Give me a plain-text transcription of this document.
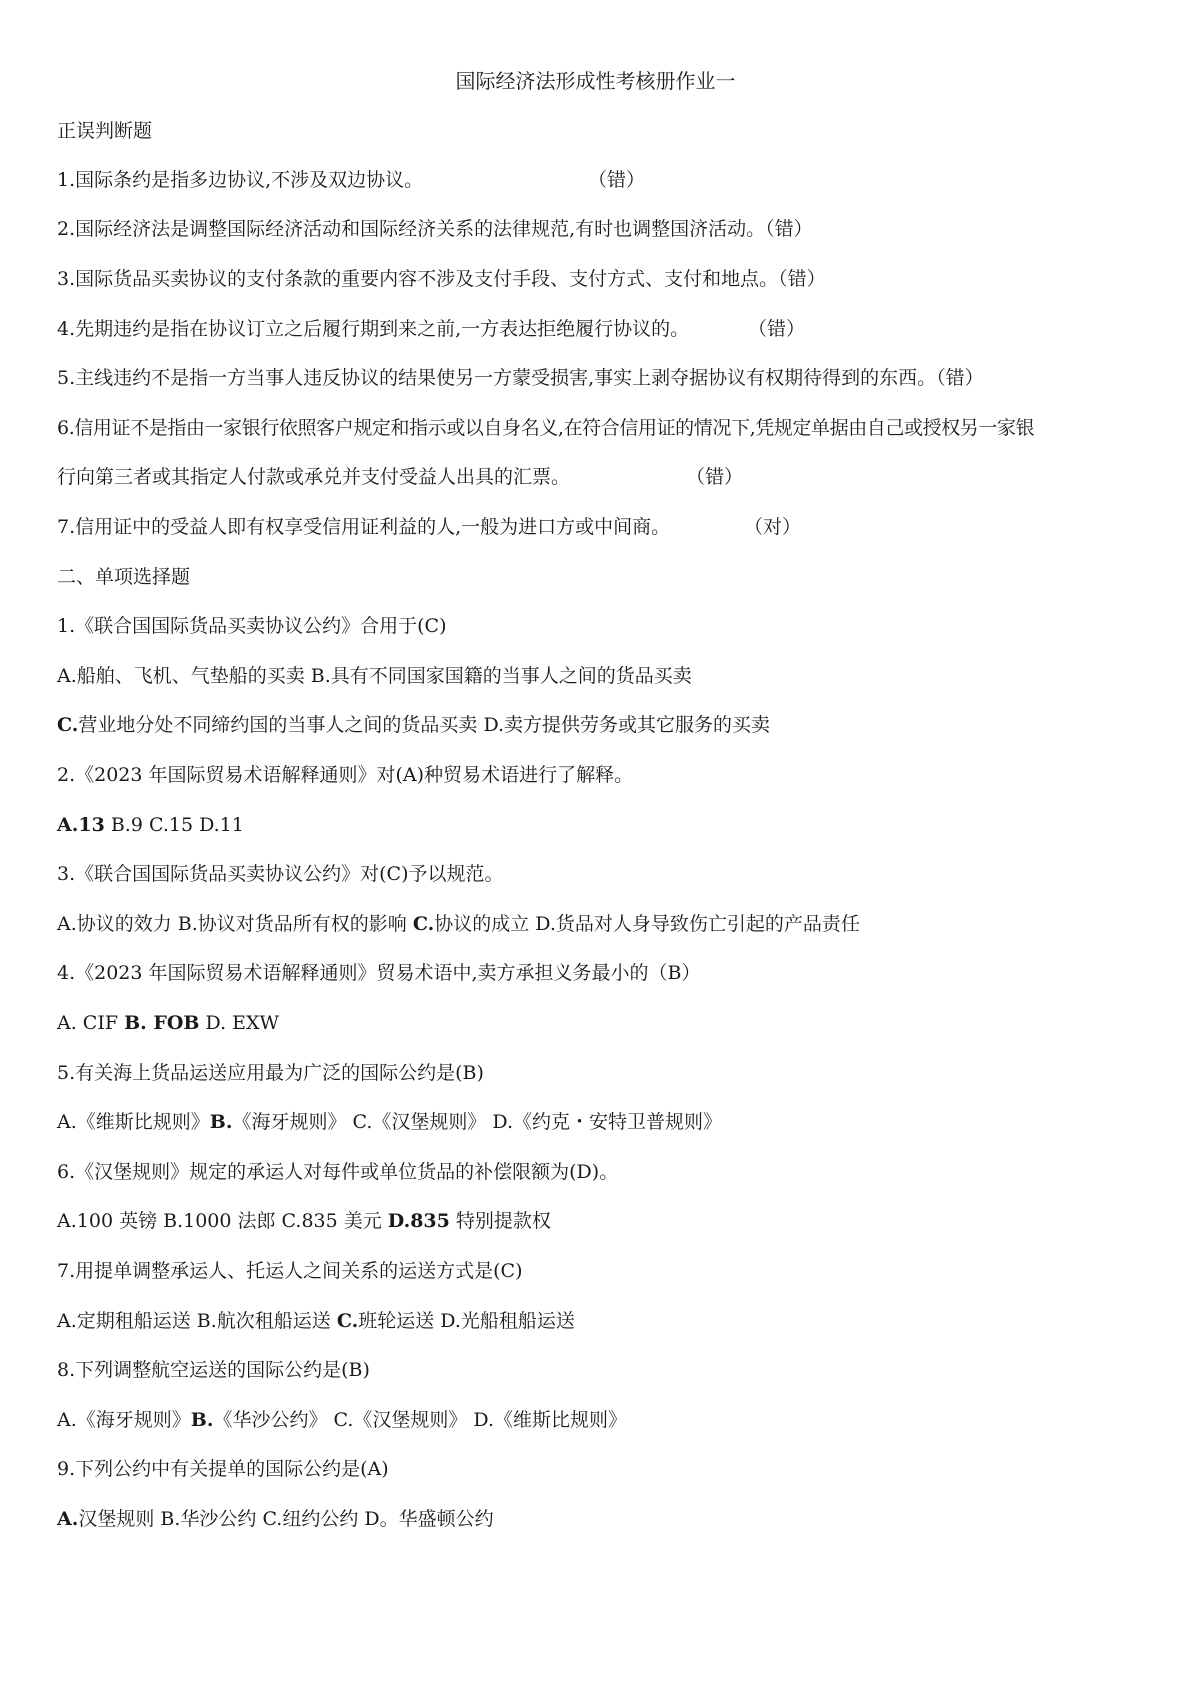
国际经济法形成性考核册作业一
正误判断题
1.国际条约是指多边协议,不涉及双边协议。	（错）
2.国际经济法是调整国际经济活动和国际经济关系的法律规范,有时也调整国济活动。（错）
3.国际货品买卖协议的支付条款的重要内容不涉及支付手段、支付方式、支付和地点。（错）
4.先期违约是指在协议订立之后履行期到来之前,一方表达拒绝履行协议的。	（错）
5.主线违约不是指一方当事人违反协议的结果使另一方蒙受损害,事实上剥夺据协议有权期待得到的东西。（错）
6.信用证不是指由一家银行依照客户规定和指示或以自身名义,在符合信用证的情况下,凭规定单据由自己或授权另一家银
行向第三者或其指定人付款或承兑并支付受益人出具的汇票。	（错）
7.信用证中的受益人即有权享受信用证利益的人,一般为进口方或中间商。	（对）
二、单项选择题
1.《联合国国际货品买卖协议公约》合用于(C)
A.船舶、飞机、气垫船的买卖 B.具有不同国家国籍的当事人之间的货品买卖
C.营业地分处不同缔约国的当事人之间的货品买卖 D.卖方提供劳务或其它服务的买卖
2.《2023 年国际贸易术语解释通则》对(A)种贸易术语进行了解释。
A.13 B.9 C.15 D.11
3.《联合国国际货品买卖协议公约》对(C)予以规范。
A.协议的效力 B.协议对货品所有权的影响 C.协议的成立 D.货品对人身导致伤亡引起的产品责任
4.《2023 年国际贸易术语解释通则》贸易术语中,卖方承担义务最小的（B）
A. CIF B. FOB D. EXW
5.有关海上货品运送应用最为广泛的国际公约是(B)
A.《维斯比规则》B.《海牙规则》 C.《汉堡规则》 D.《约克・安特卫普规则》
6.《汉堡规则》规定的承运人对每件或单位货品的补偿限额为(D)。
A.100 英镑 B.1000 法郎 C.835 美元 D.835 特别提款权
7.用提单调整承运人、托运人之间关系的运送方式是(C)
A.定期租船运送 B.航次租船运送 C.班轮运送 D.光船租船运送
8.下列调整航空运送的国际公约是(B)
A.《海牙规则》B.《华沙公约》 C.《汉堡规则》 D.《维斯比规则》
9.下列公约中有关提单的国际公约是(A)
A.汉堡规则 B.华沙公约 C.纽约公约 D。华盛顿公约
